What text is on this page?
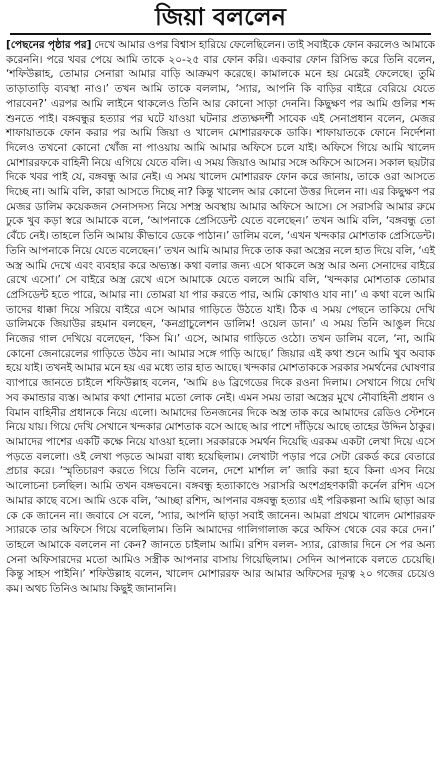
জিয়া বললেন

[পেছনের পৃষ্ঠার পর] দেখে আমার ওপর বিশ্বাস হারিয়ে ফেলেছিলেন। তাই সবাইকে ফোন করলেও আমাকে করেননি। পরে খবর পেয়ে আমি তাকে ২০-২৫ বার ফোন করি। একবার ফোন রিসিভ করে তিনি বলেন, ‘শফিউল্লাহ, তোমার সেনারা আমার বাড়ি আক্রমণ করেছে। কামালকে মনে হয় মেরেই ফেলেছে। তুমি তাড়াতাড়ি ব্যবস্থা নাও।’ তখন আমি তাকে বললাম, ‘স্যার, আপনি কি বাড়ির বাইরে বেরিয়ে যেতে পারবেন?’ এরপর আমি লাইনে থাকলেও তিনি আর কোনো সাড়া দেননি। কিছুক্ষণ পর আমি গুলির শব্দ শুনতে পাই। বঙ্গবন্ধুর হত্যার পর ঘটে যাওয়া ঘটনার প্রত্যক্ষদর্শী সাবেক এই সেনাপ্রধান বলেন, মেজর শাফায়াতকে ফোন করার পর আমি জিয়া ও খালেদ মোশাররফকে ডাকি। শাফায়াতকে ফোনে নির্দেশনা দিলেও তখনো কোনো খোঁজ না পাওয়ায় আমি আমার অফিসে চলে যাই। অফিসে গিয়ে আমি খালেদ মোশাররফকে বাহিনী নিয়ে এগিয়ে যেতে বলি। এ সময় জিয়াও আমার সঙ্গে অফিসে আসেন। সকাল ছয়টার দিকে খবর পাই যে, বঙ্গবন্ধু আর নেই। এ সময় খালেদ মোশাররফ ফোন করে জানায়, তাকে ওরা আসতে দিচ্ছে না। আমি বলি, কারা আসতে দিচ্ছে না? কিন্তু খালেদ আর কোনো উত্তর দিলেন না। এর কিছুক্ষণ পর মেজর ডালিম কয়েকজন সেনাসদস্য নিয়ে সশস্ত্র অবস্থায় আমার অফিসে আসে। সে সরাসরি আমার রুমে ঢুকে খুব কড়া স্বরে আমাকে বলে, ‘আপনাকে প্রেসিডেন্ট যেতে বলেছেন।’ তখন আমি বলি, ‘বঙ্গবন্ধু তো বেঁচে নেই। তাহলে তিনি আমায় কীভাবে ডেকে পাঠান।’ ডালিম বলে, ‘এখন খন্দকার মোশতাক প্রেসিডেন্ট। তিনি আপনাকে নিয়ে যেতে বলেছেন।’ তখন আমি আমার দিকে তাক করা অস্ত্রের নলে হাত দিয়ে বলি, ‘এই অস্ত্র আমি দেখে এবং ব্যবহার করে অভ্যস্ত। কথা বলার জন্য এসে থাকলে অস্ত্র আর অন্য সেনাদের বাইরে রেখে এসো।’ সে বাইরে অস্ত্র রেখে এসে আমাকে যেতে বললে আমি বলি, ‘খন্দকার মোশতাক তোমার প্রেসিডেন্ট হতে পারে, আমার না। তোমরা যা পার করতে পার, আমি কোথাও যাব না।’ এ কথা বলে আমি তাদের ধাক্কা দিয়ে সরিয়ে বাইরে এসে আমার গাড়িতে উঠতে যাই। ঠিক এ সময় পেছনে তাকিয়ে দেখি ডালিমকে জিয়াউর রহমান বলছেন, ‘কনগ্রাচুলেশন ডালিম! ওয়েল ডান।’ এ সময় তিনি আঙুল দিয়ে নিজের গাল দেখিয়ে বলেছেন, ‘কিস মি।’ এসে, আমার গাড়িতে ওঠো। তখন ডালিম বলে, ‘না, আমি কোনো জেনারেলের গাড়িতে উঠব না। আমার সঙ্গে গাড়ি আছে।’ জিয়ার এই কথা শুনে আমি খুব অবাক হয়ে যাই। তখনই আমার মনে হয় এর মধ্যে তার হাত আছে। খন্দকার মোশতাককে সরকার সমর্থনের ঘোষণার ব্যাপারে জানতে চাইলে শফিউল্লাহ বলেন, ‘আমি ৪৬ ব্রিগেডের দিকে রওনা দিলাম। সেখানে গিয়ে দেখি সব কমান্ডার ব্যস্ত। আমার কথা শোনার মতো লোক নেই। এমন সময় তারা অস্ত্রের মুখে নৌবাহিনী প্রধান ও বিমান বাহিনীর প্রধানকে নিয়ে এলো। আমাদের তিনজনের দিকে অস্ত্র তাক করে আমাদের রেডিও স্টেশনে নিয়ে যায়। গিয়ে দেখি সেখানে খন্দকার মোশতাক বসে আছে আর পাশে দাঁড়িয়ে আছে তাহের উদ্দিন ঠাকুর। আমাদের পাশের একটি কক্ষে নিয়ে যাওয়া হলো। সরকারকে সমর্থন দিয়েছি এরকম একটা লেখা দিয়ে এসে পড়তে বললো। ওই লেখা পড়তে আমরা বাধ্য হয়েছিলাম। লেখাটা পড়ার পরে সেটা রেকর্ড করে বেতারে প্রচার করে। ‘স্মৃতিচারণ করতে গিয়ে তিনি বলেন, দেশে মার্শাল ল’ জারি করা হবে কিনা এসব নিয়ে আলোচনা চলছিল। আমি তখন বঙ্গভবনে। বঙ্গবন্ধু হত্যাকাণ্ডে সরাসরি অংশগ্রহণকারী কর্নেল রশিদ এসে আমার কাছে বসে। আমি ওকে বলি, ‘আচ্ছা রশিদ, আপনার বঙ্গবন্ধু হত্যার এই পরিকল্পনা আমি ছাড়া আর কে কে জানেন না। জবাবে সে বলে, ‘স্যার, আপনি ছাড়া সবাই জানেন। আমরা প্রথমে খালেদ মোশাররফ স্যারকে তার অফিসে গিয়ে বলেছিলাম। তিনি আমাদের গালিগালাজ করে অফিস থেকে বের করে দেন।’ তাহলে আমাকে বললেন না কেন? জানতে চাইলাম আমি। রশিদ বলল- স্যার, রোজার দিনে সে পর অন্য সেনা অফিসারদের মতো আমিও সস্ত্রীক আপনার বাসায় গিয়েছিলাম। সেদিন আপনাকে বলতে চেয়েছি। কিন্তু সাহস পাইনি।’ শফিউল্লাহ বলেন, খালেদ মোশাররফ আর আমার অফিসের দূরত্ব ২০ গজের চেয়েও কম। অথচ তিনিও আমায় কিছুই জানাননি।
